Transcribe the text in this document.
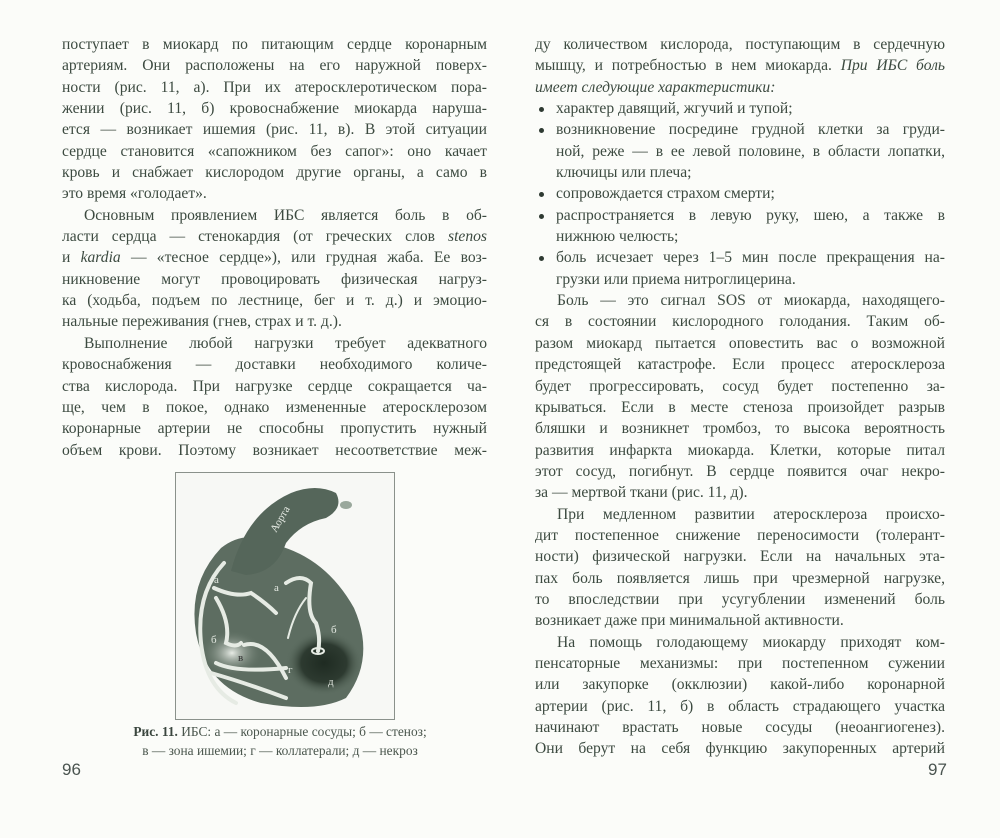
поступает в миокард по питающим сердце коронарным
артериям. Они расположены на его наружной поверх-
ности (рис. 11, а). При их атеросклеротическом пора-
жении (рис. 11, б) кровоснабжение миокарда наруша-
ется — возникает ишемия (рис. 11, в). В этой ситуации
сердце становится «сапожником без сапог»: оно качает
кровь и снабжает кислородом другие органы, а само в
это время «голодает».
Основным проявлением ИБС является боль в об-
ласти сердца — стенокардия (от греческих слов stenos
и kardia — «тесное сердце»), или грудная жаба. Ее воз-
никновение могут провоцировать физическая нагруз-
ка (ходьба, подъем по лестнице, бег и т. д.) и эмоцио-
нальные переживания (гнев, страх и т. д.).
Выполнение любой нагрузки требует адекватного
кровоснабжения — доставки необходимого количе-
ства кислорода. При нагрузке сердце сокращается ча-
ще, чем в покое, однако измененные атеросклерозом
коронарные артерии не способны пропустить нужный
объем крови. Поэтому возникает несоответствие меж-
ду количеством кислорода, поступающим в сердечную
мышцу, и потребностью в нем миокарда. При ИБС боль
имеет следующие характеристики:
характер давящий, жгучий и тупой;
возникновение посредине грудной клетки за груди-
ной, реже — в ее левой половине, в области лопатки,
ключицы или плеча;
сопровождается страхом смерти;
распространяется в левую руку, шею, а также в
нижнюю челюсть;
боль исчезает через 1–5 мин после прекращения на-
грузки или приема нитроглицерина.
Боль — это сигнал SOS от миокарда, находящего-
ся в состоянии кислородного голодания. Таким об-
разом миокард пытается оповестить вас о возможной
предстоящей катастрофе. Если процесс атеросклероза
будет прогрессировать, сосуд будет постепенно за-
крываться. Если в месте стеноза произойдет разрыв
бляшки и возникнет тромбоз, то высока вероятность
развития инфаркта миокарда. Клетки, которые питал
этот сосуд, погибнут. В сердце появится очаг некро-
за — мертвой ткани (рис. 11, д).
При медленном развитии атеросклероза происхо-
дит постепенное снижение переносимости (толерант-
ности) физической нагрузки. Если на начальных эта-
пах боль появляется лишь при чрезмерной нагрузке,
то впоследствии при усугублении изменений боль
возникает даже при минимальной активности.
На помощь голодающему миокарду приходят ком-
пенсаторные механизмы: при постепенном сужении
или закупорке (окклюзии) какой-либо коронарной
артерии (рис. 11, б) в область страдающего участка
начинают врастать новые сосуды (неоангиогенез).
Они берут на себя функцию закупоренных артерий
Аорта
а
а
б
б
в
г
д
Рис. 11. ИБС: а — коронарные сосуды; б — стеноз;
в — зона ишемии; г — коллатерали; д — некроз
96	97
